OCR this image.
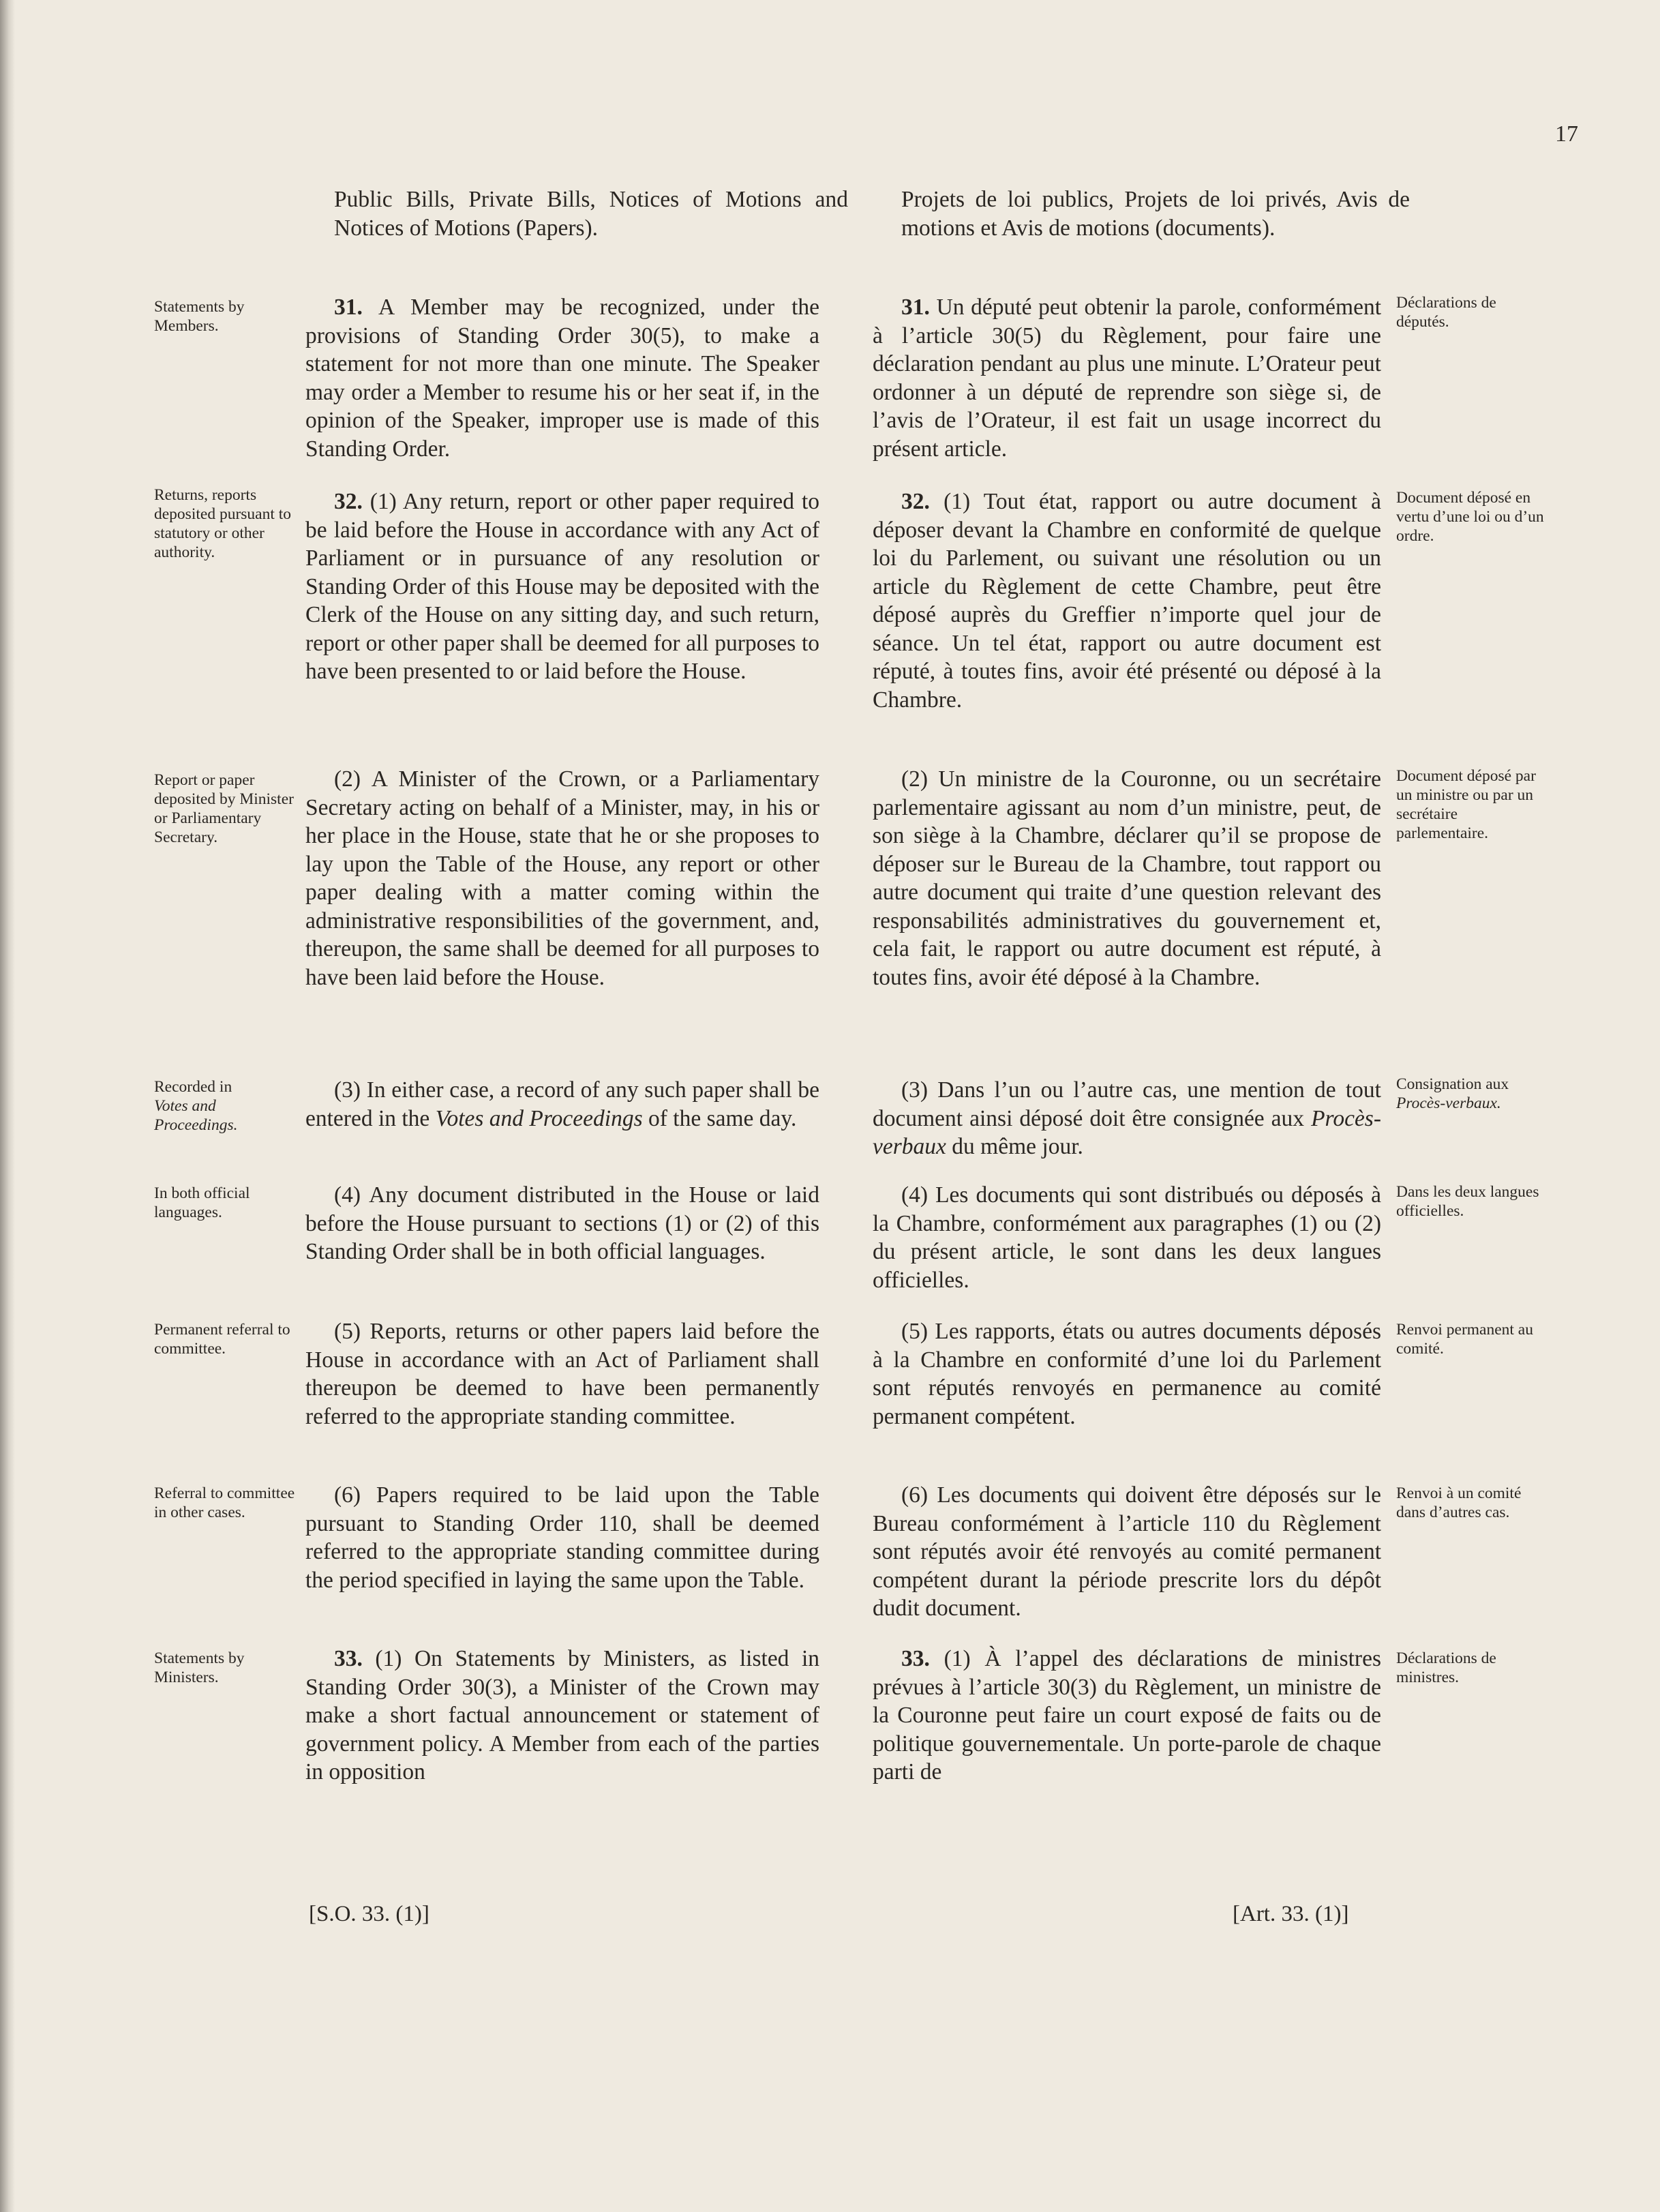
17

Public Bills, Private Bills, Notices of Motions and Notices of Motions (Papers).

31. A Member may be recognized, under the provisions of Standing Order 30(5), to make a statement for not more than one minute. The Speaker may order a Member to resume his or her seat if, in the opinion of the Speaker, improper use is made of this Standing Order.

32. (1) Any return, report or other paper required to be laid before the House in accordance with any Act of Parliament or in pursuance of any resolution or Standing Order of this House may be deposited with the Clerk of the House on any sitting day, and such return, report or other paper shall be deemed for all purposes to have been presented to or laid before the House.

(2) A Minister of the Crown, or a Parliamentary Secretary acting on behalf of a Minister, may, in his or her place in the House, state that he or she proposes to lay upon the Table of the House, any report or other paper dealing with a matter coming within the administrative responsibilities of the government, and, thereupon, the same shall be deemed for all purposes to have been laid before the House.

(3) In either case, a record of any such paper shall be entered in the Votes and Proceedings of the same day.

(4) Any document distributed in the House or laid before the House pursuant to sections (1) or (2) of this Standing Order shall be in both official languages.

(5) Reports, returns or other papers laid before the House in accordance with an Act of Parliament shall thereupon be deemed to have been permanently referred to the appropriate standing committee.

(6) Papers required to be laid upon the Table pursuant to Standing Order 110, shall be deemed referred to the appropriate standing committee during the period specified in laying the same upon the Table.

33. (1) On Statements by Ministers, as listed in Standing Order 30(3), a Minister of the Crown may make a short factual announcement or statement of government policy. A Member from each of the parties in opposition

[S.O. 33. (1)]

Projets de loi publics, Projets de loi privés, Avis de motions et Avis de motions (documents).

31. Un député peut obtenir la parole, conformément à l’article 30(5) du Règlement, pour faire une déclaration pendant au plus une minute. L’Orateur peut ordonner à un député de reprendre son siège si, de l’avis de l’Orateur, il est fait un usage incorrect du présent article.

32. (1) Tout état, rapport ou autre document à déposer devant la Chambre en conformité de quelque loi du Parlement, ou suivant une résolution ou un article du Règlement de cette Chambre, peut être déposé auprès du Greffier n’importe quel jour de séance. Un tel état, rapport ou autre document est réputé, à toutes fins, avoir été présenté ou déposé à la Chambre.

(2) Un ministre de la Couronne, ou un secrétaire parlementaire agissant au nom d’un ministre, peut, de son siège à la Chambre, déclarer qu’il se propose de déposer sur le Bureau de la Chambre, tout rapport ou autre document qui traite d’une question relevant des responsabilités administratives du gouvernement et, cela fait, le rapport ou autre document est réputé, à toutes fins, avoir été déposé à la Chambre.

(3) Dans l’un ou l’autre cas, une mention de tout document ainsi déposé doit être consignée aux Procès-verbaux du même jour.

(4) Les documents qui sont distribués ou déposés à la Chambre, conformément aux paragraphes (1) ou (2) du présent article, le sont dans les deux langues officielles.

(5) Les rapports, états ou autres documents déposés à la Chambre en conformité d’une loi du Parlement sont réputés renvoyés en permanence au comité permanent compétent.

(6) Les documents qui doivent être déposés sur le Bureau conformément à l’article 110 du Règlement sont réputés avoir été renvoyés au comité permanent compétent durant la période prescrite lors du dépôt dudit document.

33. (1) À l’appel des déclarations de ministres prévues à l’article 30(3) du Règlement, un ministre de la Couronne peut faire un court exposé de faits ou de politique gouvernementale. Un porte-parole de chaque parti de

[Art. 33. (1)]

Statements by Members.

Returns, reports deposited pursuant to statutory or other authority.

Report or paper deposited by Minister or Parliamentary Secretary.

Recorded in
Votes and Proceedings.

In both official languages.

Permanent referral to committee.

Referral to committee in other cases.

Statements by Ministers.

Déclarations de députés.

Document déposé en vertu d’une loi ou d’un ordre.

Document déposé par un ministre ou par un secrétaire parlementaire.

Consignation aux Procès-verbaux.

Dans les deux langues officielles.

Renvoi permanent au comité.

Renvoi à un comité dans d’autres cas.

Déclarations de ministres.
